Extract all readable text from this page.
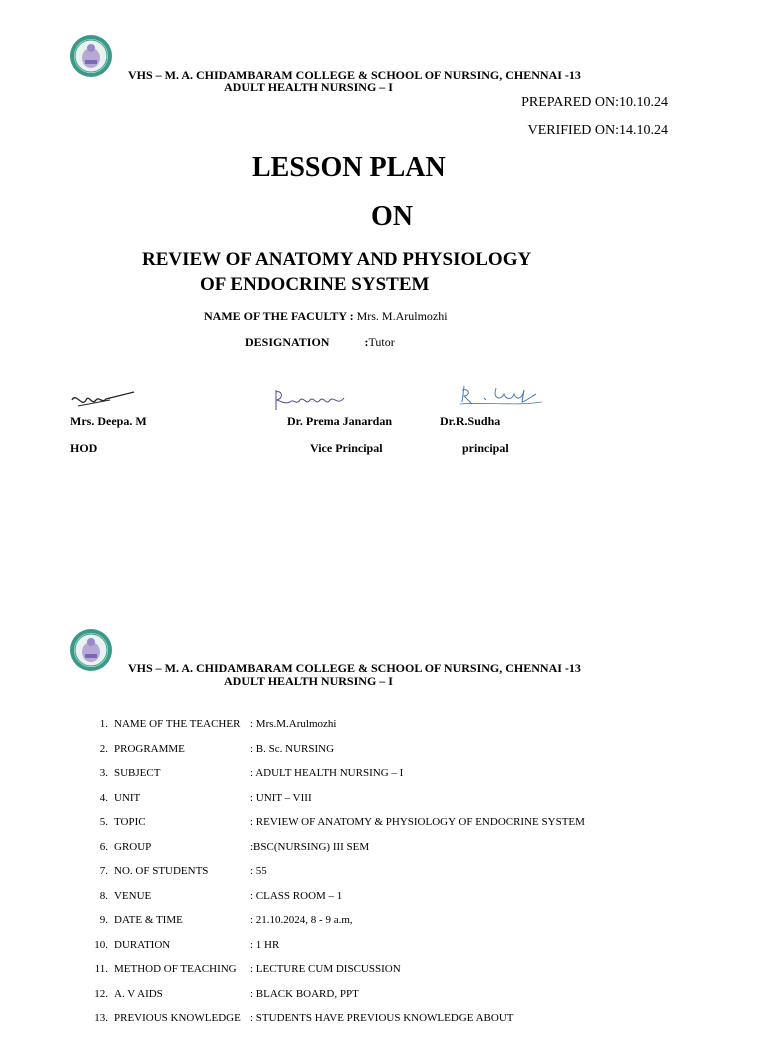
VHS – M. A. CHIDAMBARAM COLLEGE & SCHOOL OF NURSING, CHENNAI -13
ADULT HEALTH NURSING – I
PREPARED ON:10.10.24
VERIFIED ON:14.10.24
LESSON PLAN
ON
REVIEW OF ANATOMY AND PHYSIOLOGY
OF ENDOCRINE SYSTEM
NAME OF THE FACULTY : Mrs. M.Arulmozhi
DESIGNATION	:Tutor
Mrs. Deepa. M	Dr. Prema Janardan	Dr.R.Sudha
HOD	Vice Principal	principal
VHS – M. A. CHIDAMBARAM COLLEGE & SCHOOL OF NURSING, CHENNAI -13
ADULT HEALTH NURSING – I
1. NAME OF THE TEACHER : Mrs.M.Arulmozhi
2. PROGRAMME	: B. Sc. NURSING
3. SUBJECT	: ADULT HEALTH NURSING – I
4. UNIT	: UNIT – VIII
5. TOPIC	: REVIEW OF ANATOMY & PHYSIOLOGY OF ENDOCRINE SYSTEM
6. GROUP	:BSC(NURSING) III SEM
7. NO. OF STUDENTS	: 55
8. VENUE	: CLASS ROOM – 1
9. DATE & TIME	: 21.10.2024, 8 - 9 a.m,
10. DURATION	: 1 HR
11. METHOD OF TEACHING	: LECTURE CUM DISCUSSION
12. A. V AIDS	: BLACK BOARD, PPT
13. PREVIOUS KNOWLEDGE : STUDENTS HAVE PREVIOUS KNOWLEDGE ABOUT
